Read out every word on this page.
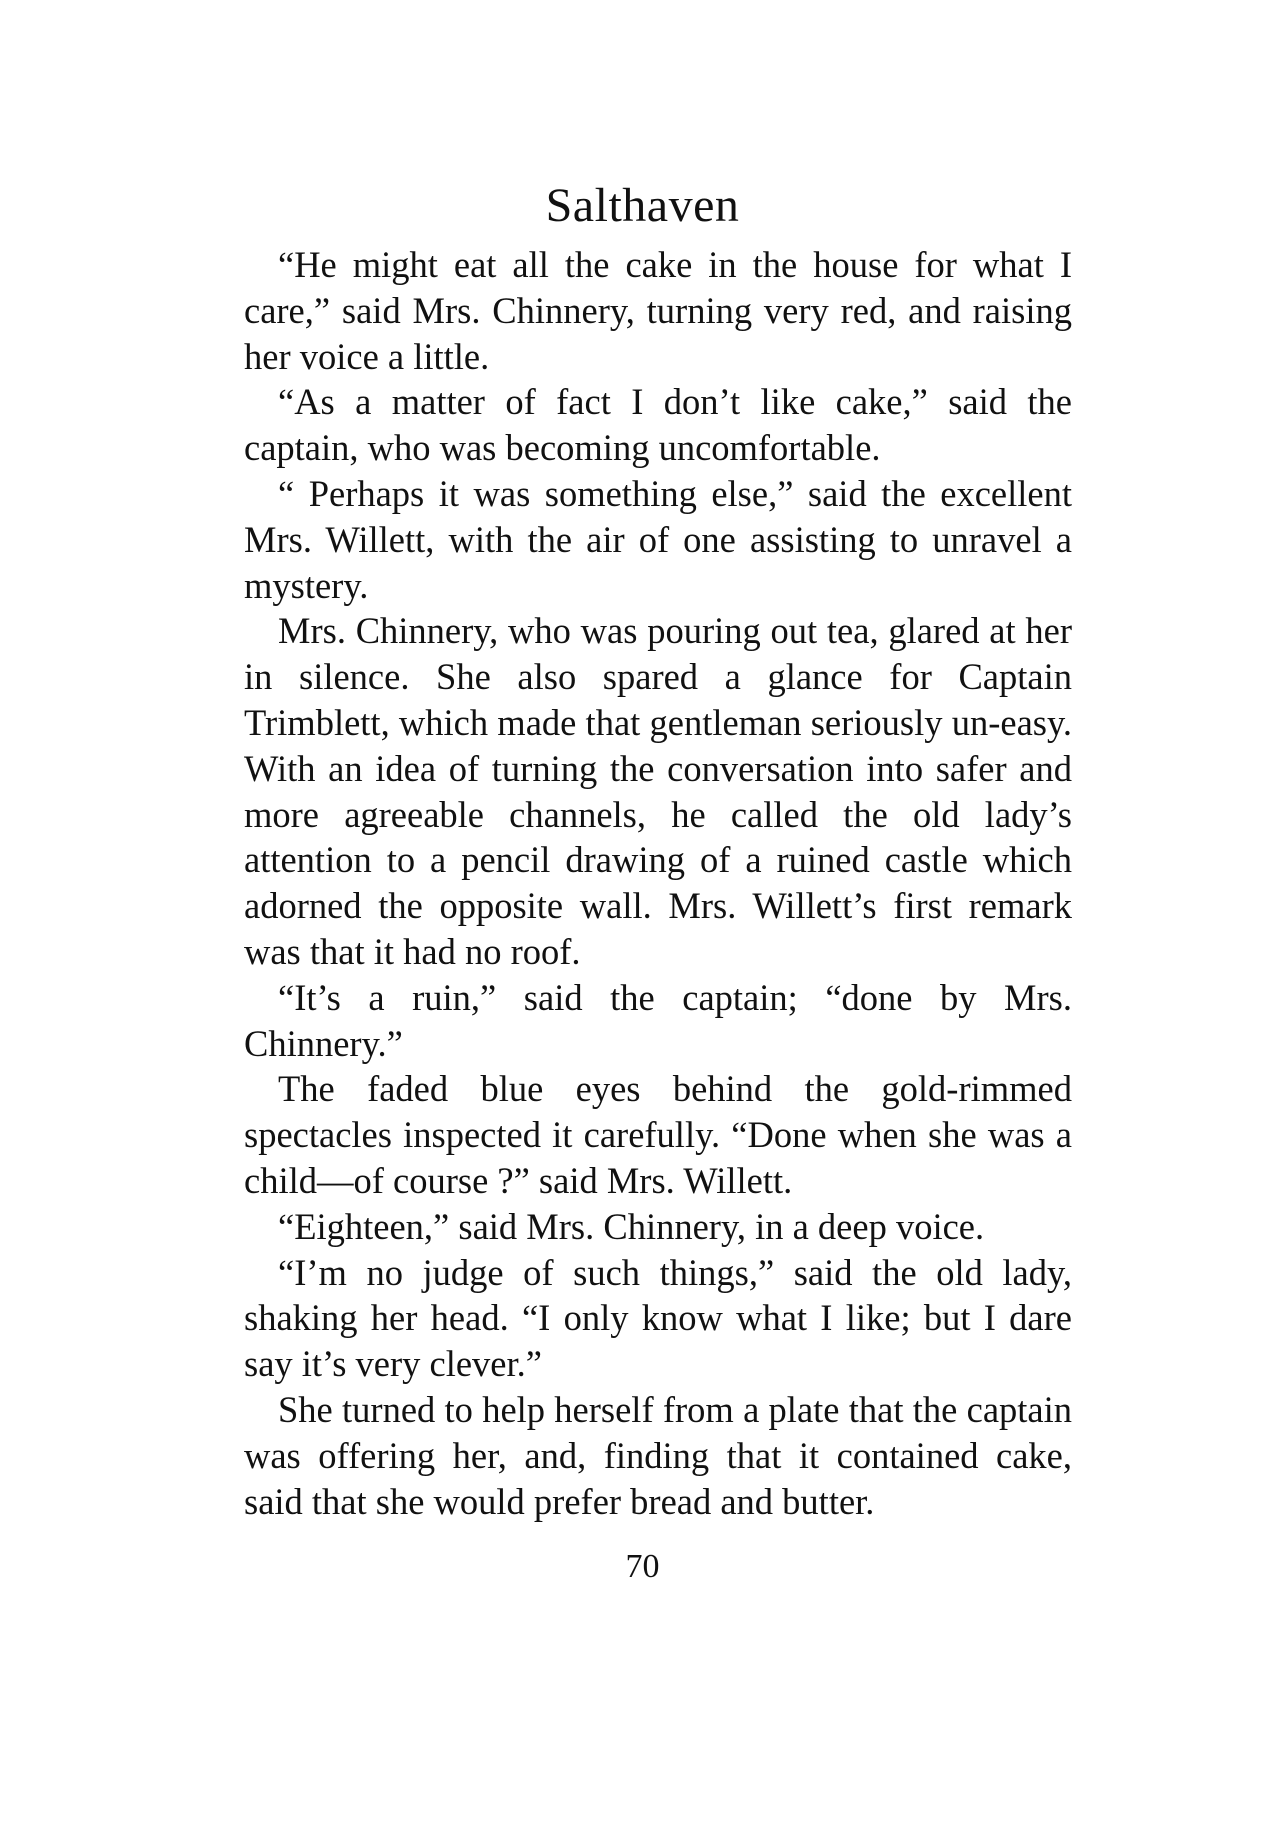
Salthaven

“He might eat all the cake in the house for what I care,” said Mrs. Chinnery, turning very red, and raising her voice a little.

“As a matter of fact I don’t like cake,” said the captain, who was becoming uncomfortable.

“ Perhaps it was something else,” said the excellent Mrs. Willett, with the air of one assisting to unravel a mystery.

Mrs. Chinnery, who was pouring out tea, glared at her in silence. She also spared a glance for Captain Trimblett, which made that gentleman seriously un-easy. With an idea of turning the conversation into safer and more agreeable channels, he called the old lady’s attention to a pencil drawing of a ruined castle which adorned the opposite wall. Mrs. Willett’s first remark was that it had no roof.

“It’s a ruin,” said the captain; “done by Mrs. Chinnery.”

The faded blue eyes behind the gold-rimmed spectacles inspected it carefully. “Done when she was a child—of course ?” said Mrs. Willett.

“Eighteen,” said Mrs. Chinnery, in a deep voice.

“I’m no judge of such things,” said the old lady, shaking her head. “I only know what I like; but I dare say it’s very clever.”

She turned to help herself from a plate that the captain was offering her, and, finding that it contained cake, said that she would prefer bread and butter.

70
